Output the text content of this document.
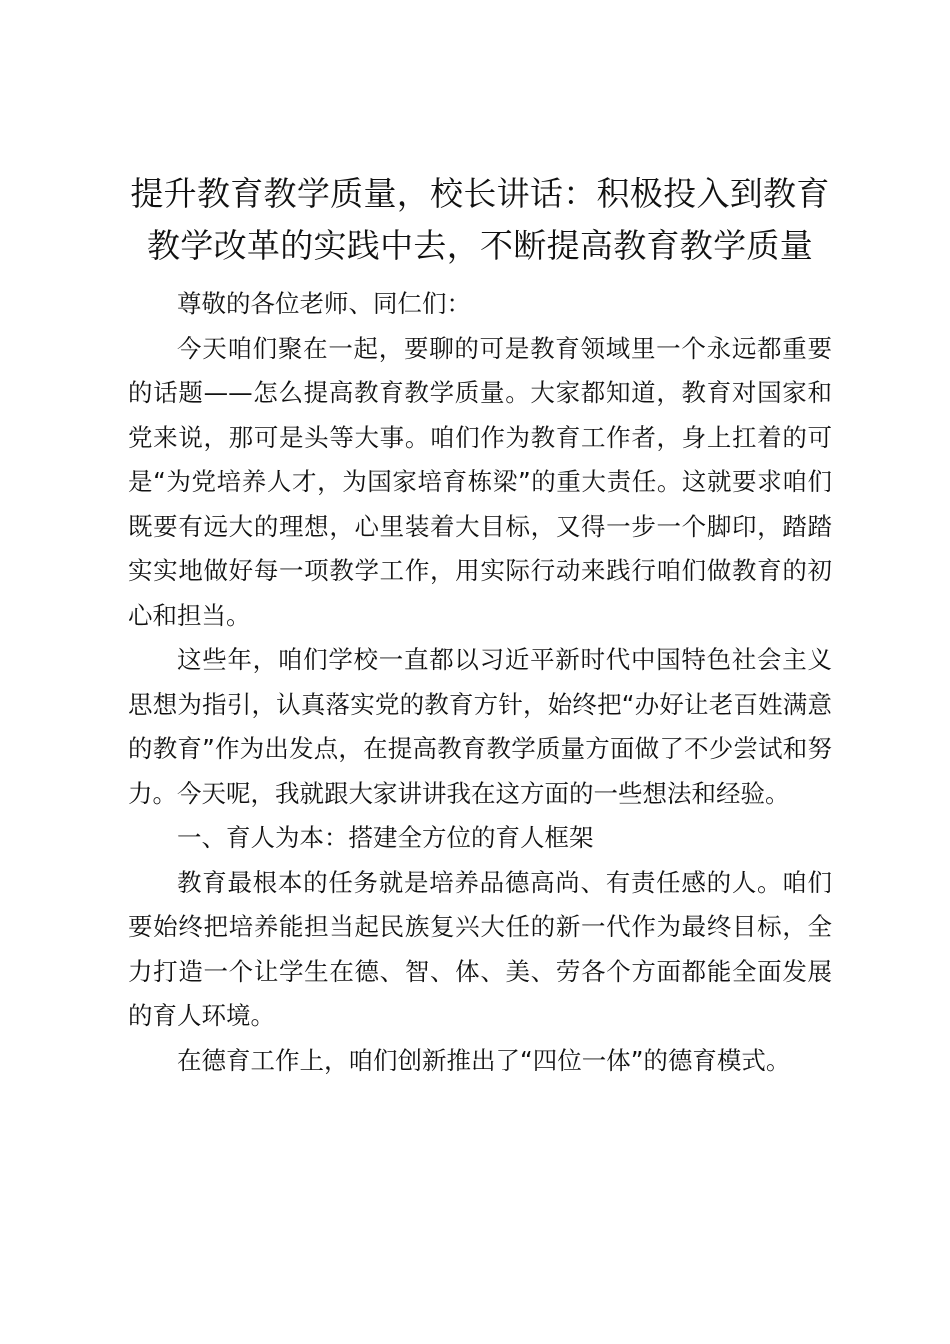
提升教育教学质量，校长讲话：积极投入到教育教学改革的实践中去，不断提高教育教学质量

尊敬的各位老师、同仁们：

今天咱们聚在一起，要聊的可是教育领域里一个永远都重要的话题——怎么提高教育教学质量。大家都知道，教育对国家和党来说，那可是头等大事。咱们作为教育工作者，身上扛着的可是“为党培养人才，为国家培育栋梁”的重大责任。这就要求咱们既要有远大的理想，心里装着大目标，又得一步一个脚印，踏踏实实地做好每一项教学工作，用实际行动来践行咱们做教育的初心和担当。

这些年，咱们学校一直都以习近平新时代中国特色社会主义思想为指引，认真落实党的教育方针，始终把“办好让老百姓满意的教育”作为出发点，在提高教育教学质量方面做了不少尝试和努力。今天呢，我就跟大家讲讲我在这方面的一些想法和经验。

一、育人为本：搭建全方位的育人框架

教育最根本的任务就是培养品德高尚、有责任感的人。咱们要始终把培养能担当起民族复兴大任的新一代作为最终目标，全力打造一个让学生在德、智、体、美、劳各个方面都能全面发展的育人环境。

在德育工作上，咱们创新推出了“四位一体”的德育模式。
